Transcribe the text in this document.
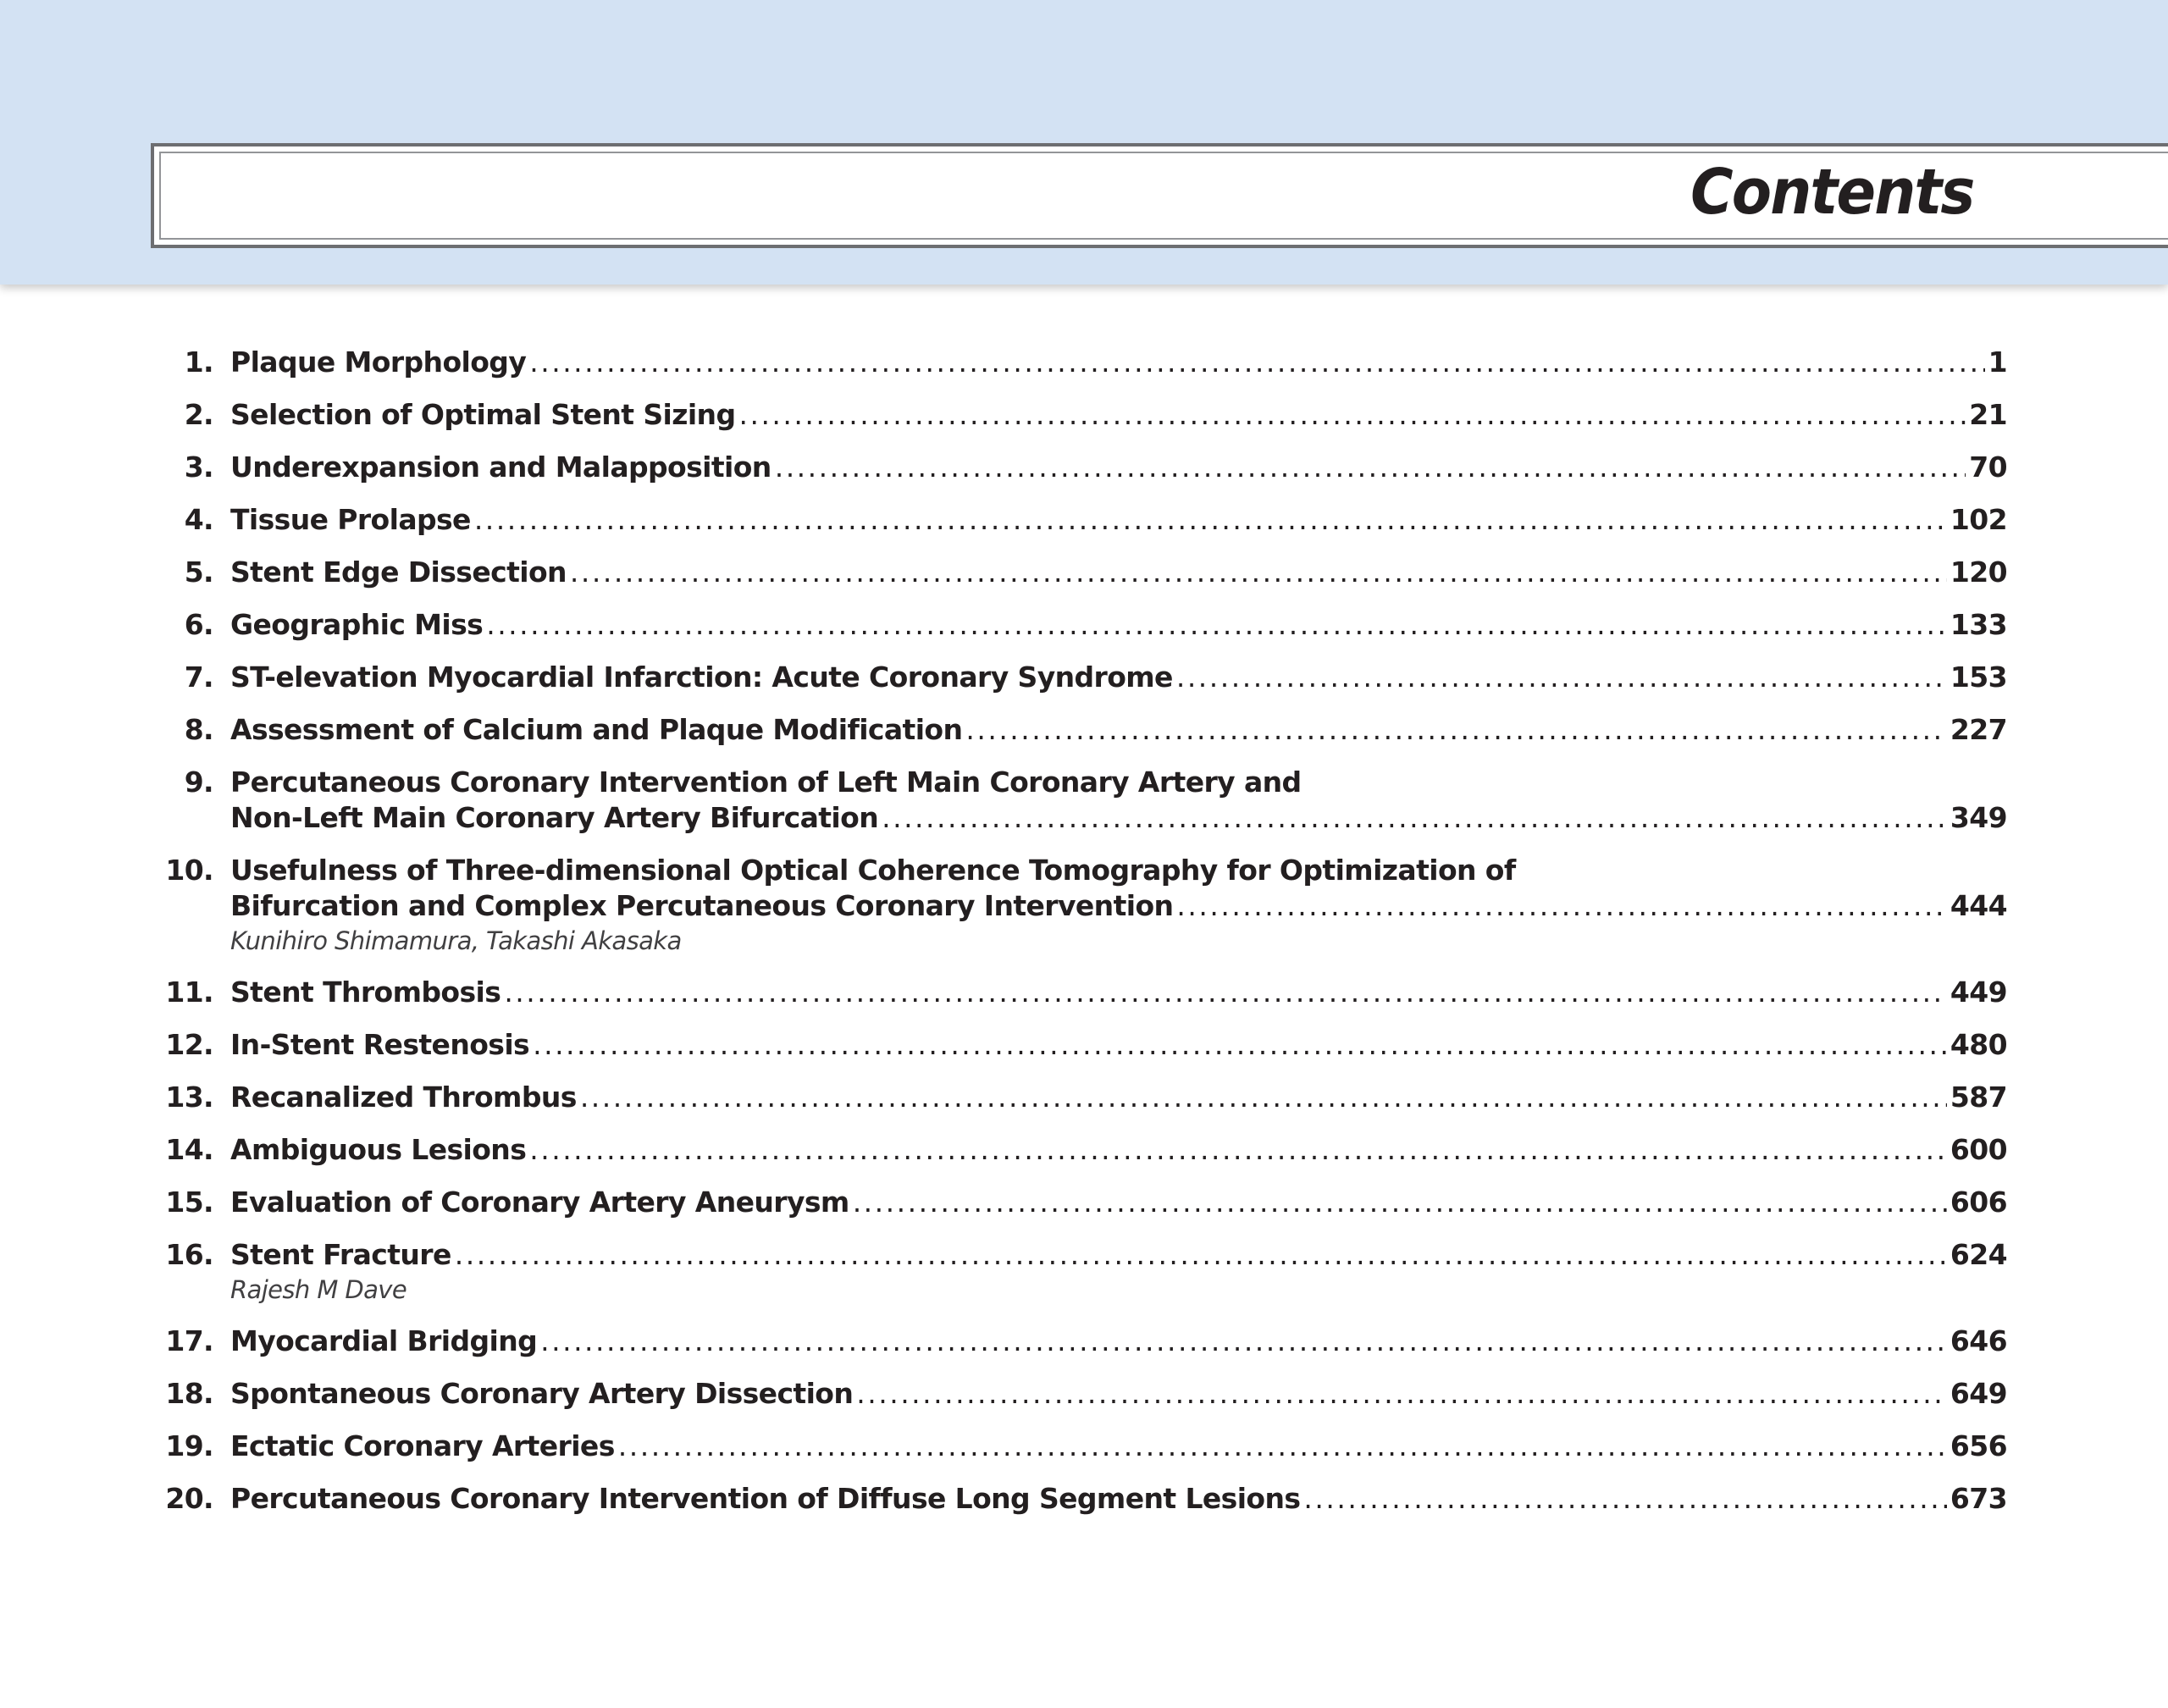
Contents
1. Plaque Morphology . . .	1
2. Selection of Optimal Stent Sizing . . .	21
3. Underexpansion and Malapposition . . .	70
4. Tissue Prolapse . . .	102
5. Stent Edge Dissection . . .	120
6. Geographic Miss . . .	133
7. ST-elevation Myocardial Infarction: Acute Coronary Syndrome . . .	153
8. Assessment of Calcium and Plaque Modification . . .	227
9. Percutaneous Coronary Intervention of Left Main Coronary Artery and
Non-Left Main Coronary Artery Bifurcation . . .	349
10. Usefulness of Three-dimensional Optical Coherence Tomography for Optimization of
Bifurcation and Complex Percutaneous Coronary Intervention . . .	444
Kunihiro Shimamura, Takashi Akasaka
11. Stent Thrombosis . . .	449
12. In-Stent Restenosis . . .	480
13. Recanalized Thrombus . . .	587
14. Ambiguous Lesions . . .	600
15. Evaluation of Coronary Artery Aneurysm . . .	606
16. Stent Fracture . . .	624
Rajesh M Dave
17. Myocardial Bridging . . .	646
18. Spontaneous Coronary Artery Dissection . . .	649
19. Ectatic Coronary Arteries . . .	656
20. Percutaneous Coronary Intervention of Diffuse Long Segment Lesions . . .	673
